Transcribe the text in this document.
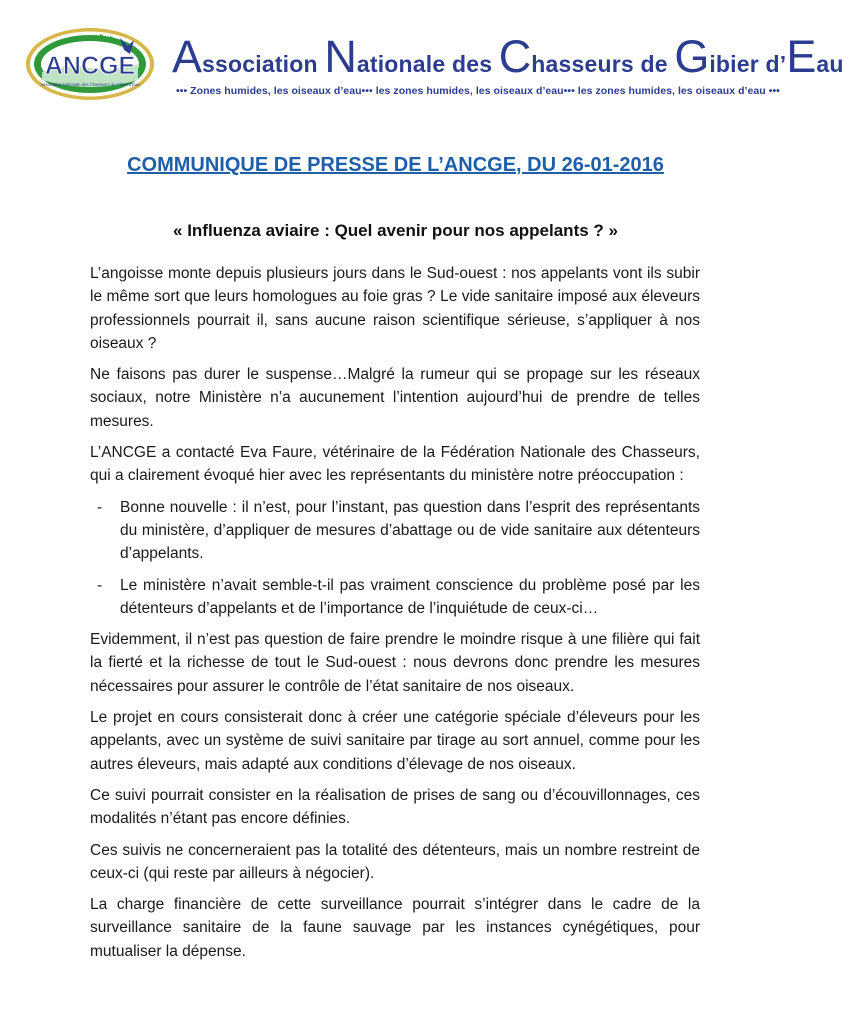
ANCGE
Association Nationale des Chasseurs de Gibier d'Eau
Association Nationale des Chasseurs de Gibier d’Eau
••• Zones humides, les oiseaux d’eau••• les zones humides, les oiseaux d’eau••• les zones humides, les oiseaux d’eau •••
COMMUNIQUE DE PRESSE DE L’ANCGE, DU 26-01-2016
« Influenza aviaire : Quel avenir pour nos appelants ? »

L’angoisse monte depuis plusieurs jours dans le Sud-ouest : nos appelants vont ils subir le même sort que leurs homologues au foie gras ? Le vide sanitaire imposé aux éleveurs professionnels pourrait il, sans aucune raison scientifique sérieuse, s’appliquer à nos oiseaux ?

Ne faisons pas durer le suspense…Malgré la rumeur qui se propage sur les réseaux sociaux, notre Ministère n’a aucunement l’intention aujourd’hui de prendre de telles mesures.

L’ANCGE a contacté Eva Faure, vétérinaire de la Fédération Nationale des Chasseurs, qui a clairement évoqué hier avec les représentants du ministère notre préoccupation :

- Bonne nouvelle : il n’est, pour l’instant, pas question dans l’esprit des représentants du ministère, d’appliquer de mesures d’abattage ou de vide sanitaire aux détenteurs d’appelants.
- Le ministère n’avait semble-t-il pas vraiment conscience du problème posé par les détenteurs d’appelants et de l’importance de l’inquiétude de ceux-ci…

Evidemment, il n’est pas question de faire prendre le moindre risque à une filière qui fait la fierté et la richesse de tout le Sud-ouest : nous devrons donc prendre les mesures nécessaires pour assurer le contrôle de l’état sanitaire de nos oiseaux.

Le projet en cours consisterait donc à créer une catégorie spéciale d’éleveurs pour les appelants, avec un système de suivi sanitaire par tirage au sort annuel, comme pour les autres éleveurs, mais adapté aux conditions d’élevage de nos oiseaux.

Ce suivi pourrait consister en la réalisation de prises de sang ou d’écouvillonnages, ces modalités n’étant pas encore définies.

Ces suivis ne concerneraient pas la totalité des détenteurs, mais un nombre restreint de ceux-ci (qui reste par ailleurs à négocier).

La charge financière de cette surveillance pourrait s’intégrer dans le cadre de la surveillance sanitaire de la faune sauvage par les instances cynégétiques, pour mutualiser la dépense.
